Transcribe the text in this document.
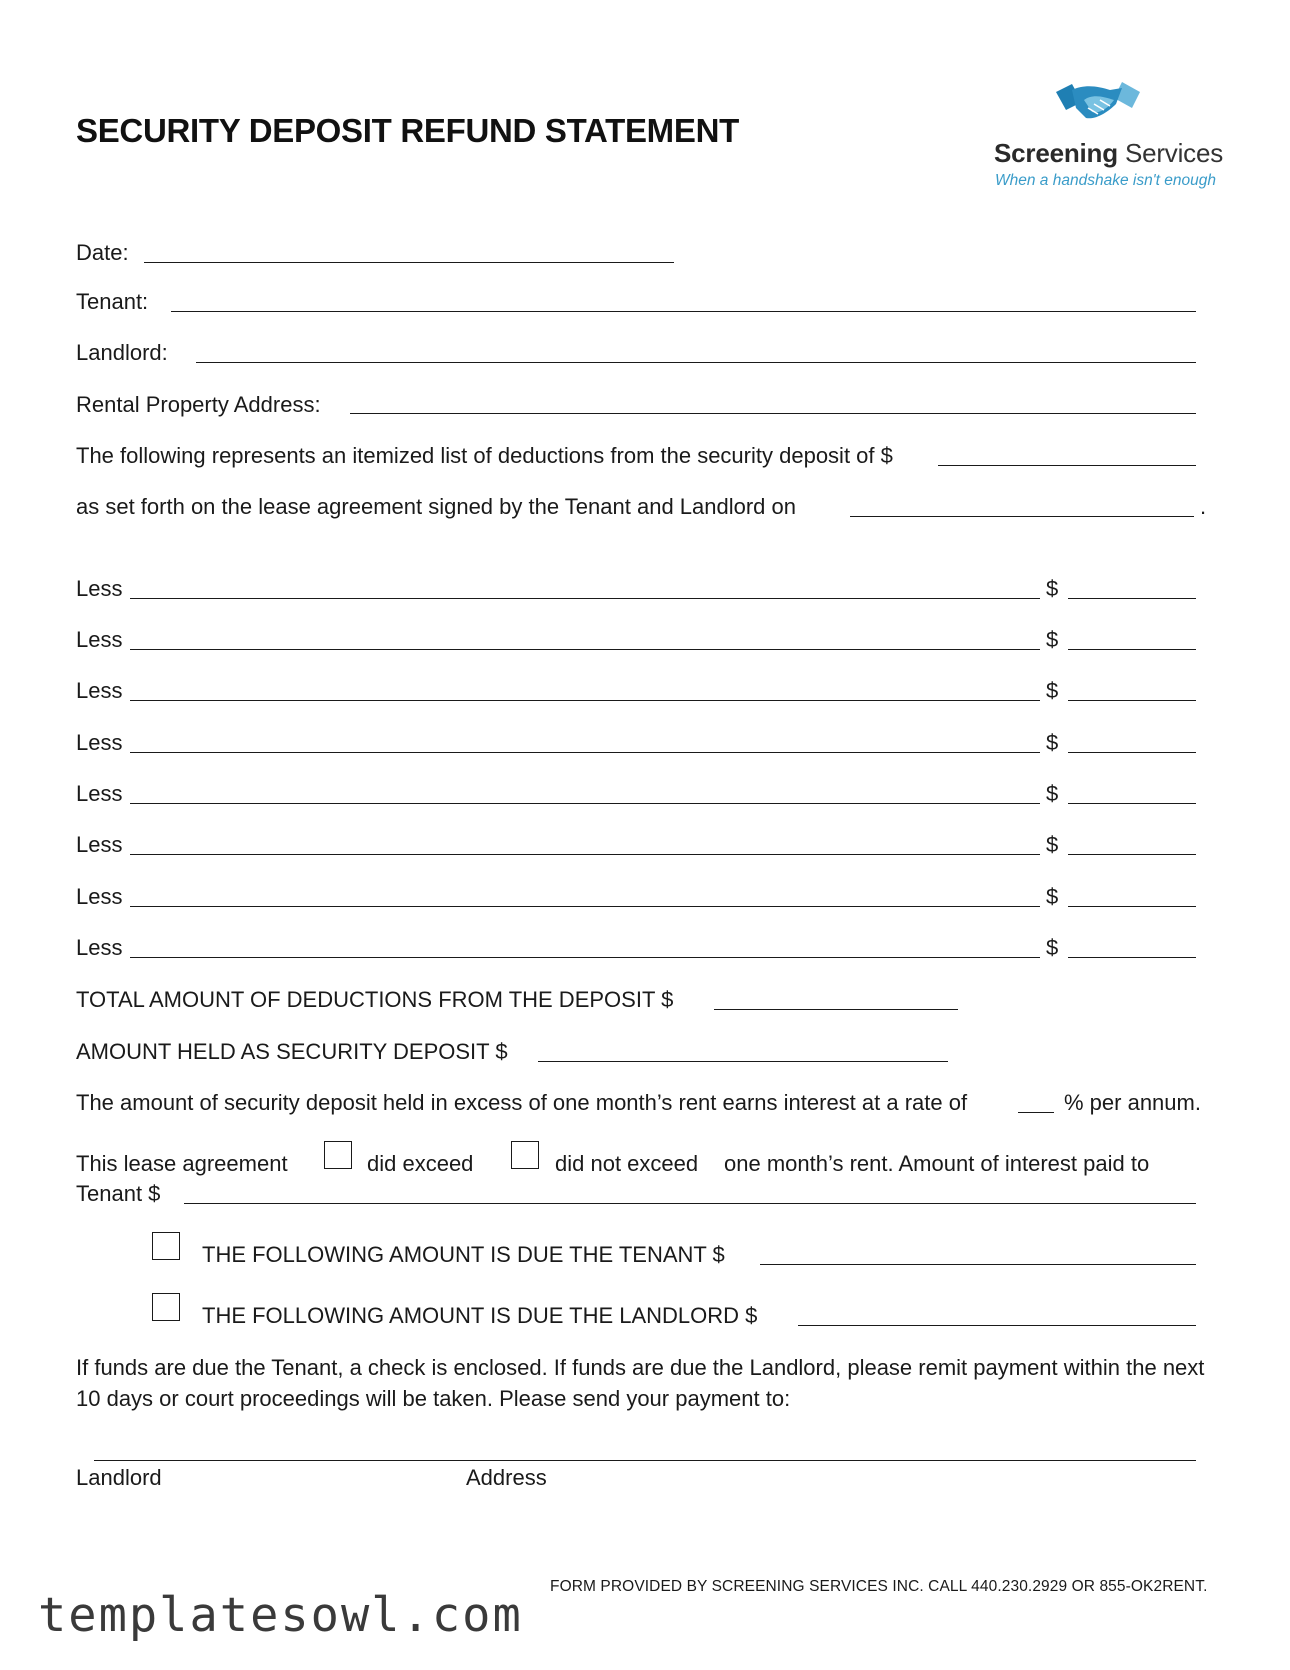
SECURITY DEPOSIT REFUND STATEMENT
Screening Services
When a handshake isn't enough
Date:
Tenant:
Landlord:
Rental Property Address:
The following represents an itemized list of deductions from the security deposit of $
as set forth on the lease agreement signed by the Tenant and Landlord on	.
Less	$
Less	$
Less	$
Less	$
Less	$
Less	$
Less	$
Less	$
TOTAL AMOUNT OF DEDUCTIONS FROM THE DEPOSIT $
AMOUNT HELD AS SECURITY DEPOSIT $
The amount of security deposit held in excess of one month’s rent earns interest at a rate of	% per annum.
This lease agreement	did exceed	did not exceed one month’s rent. Amount of interest paid to
Tenant $
THE FOLLOWING AMOUNT IS DUE THE TENANT $
THE FOLLOWING AMOUNT IS DUE THE LANDLORD $
If funds are due the Tenant, a check is enclosed. If funds are due the Landlord, please remit payment within the next 10 days or court proceedings will be taken. Please send your payment to:
Landlord	Address
FORM PROVIDED BY SCREENING SERVICES INC. CALL 440.230.2929 OR 855-OK2RENT.
templatesowl.com
